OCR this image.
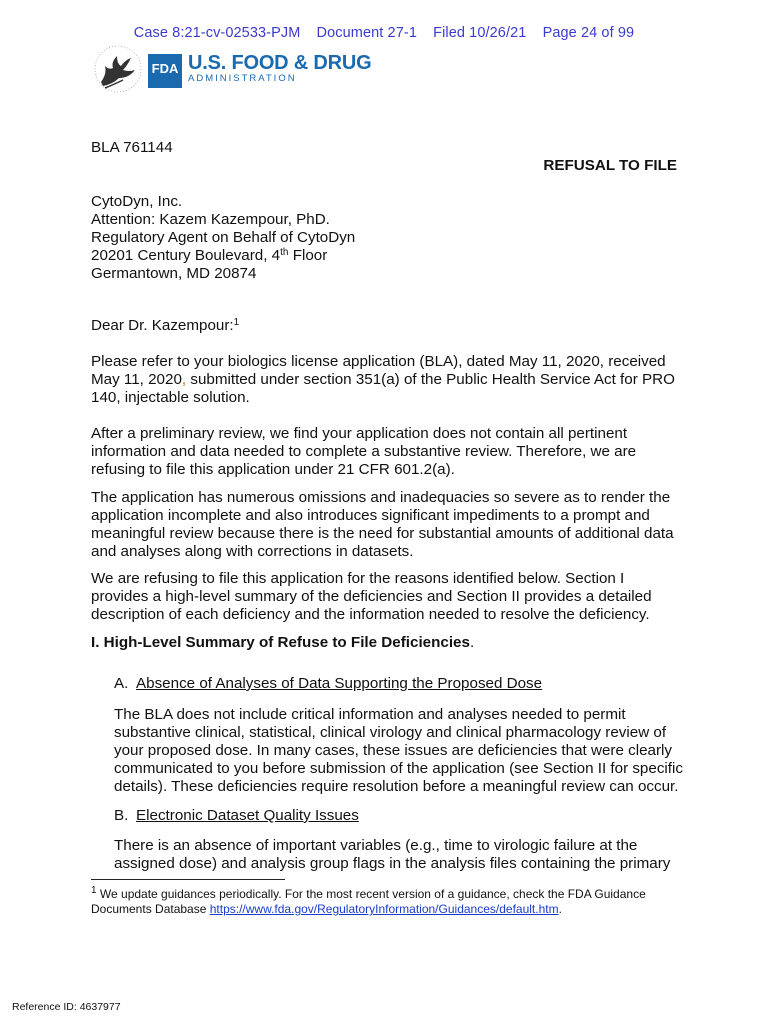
Case 8:21-cv-02533-PJM Document 27-1 Filed 10/26/21 Page 24 of 99
FDA U.S. FOOD & DRUG
ADMINISTRATION
BLA 761144
REFUSAL TO FILE
CytoDyn, Inc.
Attention: Kazem Kazempour, PhD.
Regulatory Agent on Behalf of CytoDyn
20201 Century Boulevard, 4th Floor
Germantown, MD 20874
Dear Dr. Kazempour:$^1$
Please refer to your biologics license application (BLA), dated May 11, 2020, received
May 11, 2020, submitted under section 351(a) of the Public Health Service Act for PRO
140, injectable solution.
After a preliminary review, we find your application does not contain all pertinent
information and data needed to complete a substantive review. Therefore, we are
refusing to file this application under 21 CFR 601.2(a).
The application has numerous omissions and inadequacies so severe as to render the
application incomplete and also introduces significant impediments to a prompt and
meaningful review because there is the need for substantial amounts of additional data
and analyses along with corrections in datasets.
We are refusing to file this application for the reasons identified below. Section I
provides a high-level summary of the deficiencies and Section II provides a detailed
description of each deficiency and the information needed to resolve the deficiency.
I. High-Level Summary of Refuse to File Deficiencies.
A. Absence of Analyses of Data Supporting the Proposed Dose
The BLA does not include critical information and analyses needed to permit
substantive clinical, statistical, clinical virology and clinical pharmacology review of
your proposed dose. In many cases, these issues are deficiencies that were clearly
communicated to you before submission of the application (see Section II for specific
details). These deficiencies require resolution before a meaningful review can occur.
B. Electronic Dataset Quality Issues
There is an absence of important variables (e.g., time to virologic failure at the
assigned dose) and analysis group flags in the analysis files containing the primary
$^1$ We update guidances periodically. For the most recent version of a guidance, check the FDA Guidance
Documents Database https://www.fda.gov/RegulatoryInformation/Guidances/default.htm.
Reference ID: 4637977
